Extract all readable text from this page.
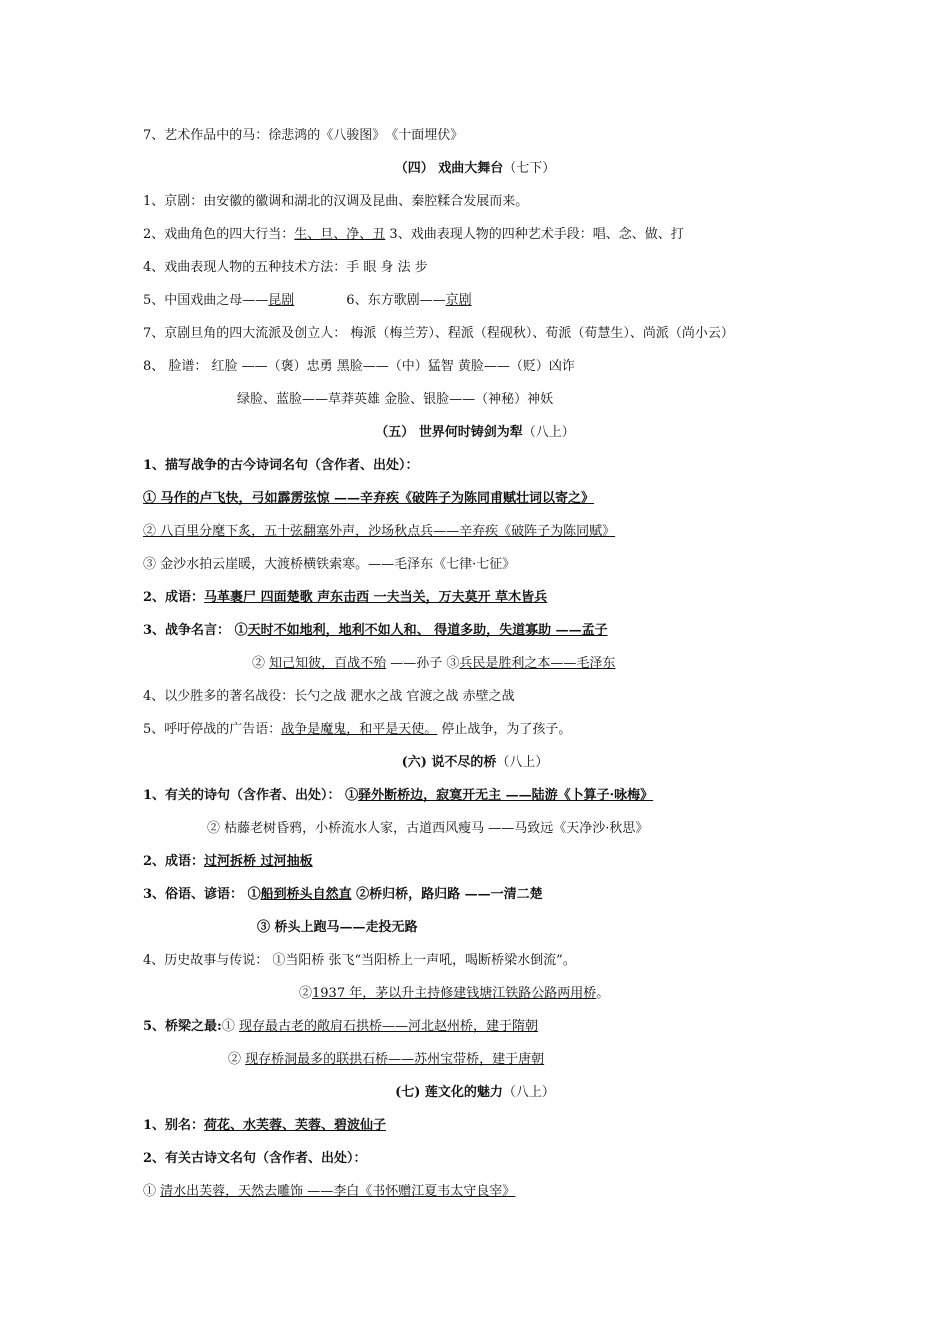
7、艺术作品中的马：徐悲鸿的《八骏图》　《十面埋伏》
（四） 戏曲大舞台（七下）
1、京剧：由安徽的徽调和湖北的汉调及昆曲、秦腔糅合发展而来。
2、戏曲角色的四大行当：生、旦、净、丑 3、戏曲表现人物的四种艺术手段：唱、念、做、打
4、戏曲表现人物的五种技术方法：手 眼 身 法 步
5、中国戏曲之母——昆剧	6、东方歌剧——京剧
7、京剧旦角的四大流派及创立人： 梅派（梅兰芳）、程派（程砚秋）、荀派（荀慧生）、尚派（尚小云）
8、 脸谱： 红脸 ——（褒）忠勇 黑脸——（中）猛智 黄脸——（贬）凶诈
绿脸、蓝脸——草莽英雄 金脸、银脸——（神秘）神妖
（五） 世界何时铸剑为犁（八上）
1、描写战争的古今诗词名句（含作者、出处）：
① 马作的卢飞快，弓如霹雳弦惊 ——辛弃疾《破阵子为陈同甫赋壮词以寄之》
② 八百里分麾下炙，五十弦翻塞外声，沙场秋点兵——辛弃疾《破阵子为陈同赋》
③ 金沙水拍云崖暖，大渡桥横铁索寒。——毛泽东《七律·七征》
2、成语：马革裹尸 四面楚歌 声东击西 一夫当关，万夫莫开 草木皆兵
3、战争名言： ①天时不如地利，地利不如人和、 得道多助，失道寡助 ——孟子
② 知己知彼，百战不殆 ——孙子 ③兵民是胜利之本——毛泽东
4、以少胜多的著名战役：长勺之战 淝水之战 官渡之战 赤壁之战
5、呼吁停战的广告语：战争是魔鬼，和平是天使。 停止战争，为了孩子。
(六) 说不尽的桥（八上）
1、有关的诗句（含作者、出处）： ①驿外断桥边，寂寞开无主 ——陆游《卜算子·咏梅》
② 枯藤老树昏鸦，小桥流水人家，古道西风瘦马 ——马致远《天净沙·秋思》
2、成语：过河拆桥 过河抽板
3、俗语、谚语： ①船到桥头自然直 ②桥归桥，路归路 ——一清二楚
③ 桥头上跑马——走投无路
4、历史故事与传说： ①当阳桥 张飞“当阳桥上一声吼，喝断桥梁水倒流”。
②1937 年，茅以升主持修建钱塘江铁路公路两用桥。
5、桥梁之最:① 现存最古老的敞肩石拱桥——河北赵州桥，建于隋朝
② 现存桥洞最多的联拱石桥——苏州宝带桥，建于唐朝
(七) 莲文化的魅力（八上）
1、别名：荷花、水芙蓉、芙蓉、碧波仙子
2、有关古诗文名句（含作者、出处）：
① 清水出芙蓉，天然去雕饰 ——李白《书怀赠江夏韦太守良宰》
